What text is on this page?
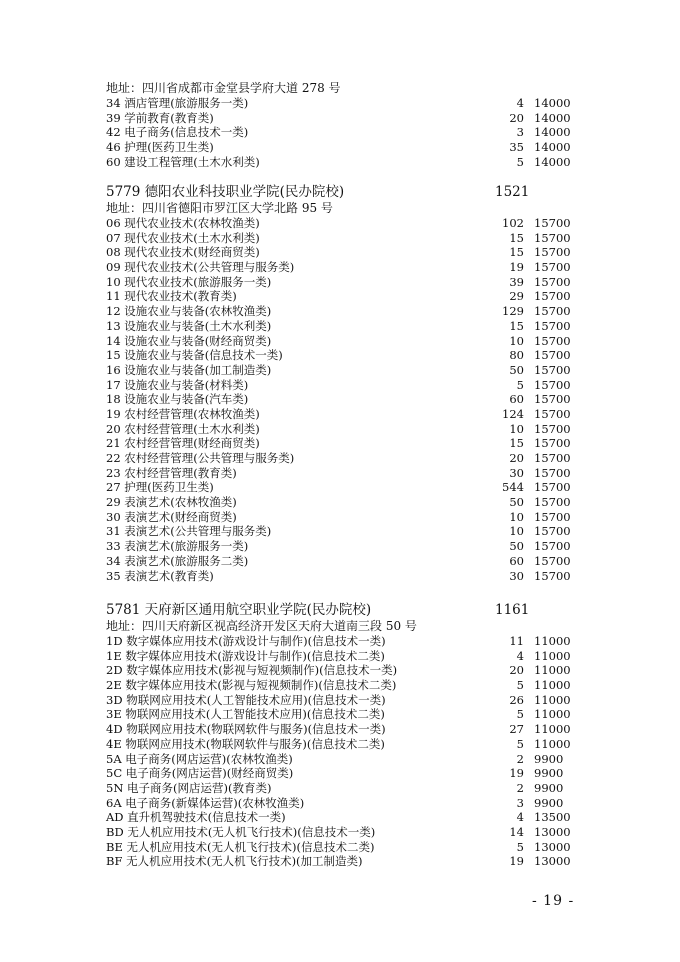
地址：四川省成都市金堂县学府大道 278 号
34 酒店管理(旅游服务一类)	4 14000
39 学前教育(教育类)	20 14000
42 电子商务(信息技术一类)	3 14000
46 护理(医药卫生类)	35 14000
60 建设工程管理(土木水利类)	5 14000
5779 德阳农业科技职业学院(民办院校)	1521
地址：四川省德阳市罗江区大学北路 95 号
06 现代农业技术(农林牧渔类)	102 15700
07 现代农业技术(土木水利类)	15 15700
08 现代农业技术(财经商贸类)	15 15700
09 现代农业技术(公共管理与服务类)	19 15700
10 现代农业技术(旅游服务一类)	39 15700
11 现代农业技术(教育类)	29 15700
12 设施农业与装备(农林牧渔类)	129 15700
13 设施农业与装备(土木水利类)	15 15700
14 设施农业与装备(财经商贸类)	10 15700
15 设施农业与装备(信息技术一类)	80 15700
16 设施农业与装备(加工制造类)	50 15700
17 设施农业与装备(材料类)	5 15700
18 设施农业与装备(汽车类)	60 15700
19 农村经营管理(农林牧渔类)	124 15700
20 农村经营管理(土木水利类)	10 15700
21 农村经营管理(财经商贸类)	15 15700
22 农村经营管理(公共管理与服务类)	20 15700
23 农村经营管理(教育类)	30 15700
27 护理(医药卫生类)	544 15700
29 表演艺术(农林牧渔类)	50 15700
30 表演艺术(财经商贸类)	10 15700
31 表演艺术(公共管理与服务类)	10 15700
33 表演艺术(旅游服务一类)	50 15700
34 表演艺术(旅游服务二类)	60 15700
35 表演艺术(教育类)	30 15700
5781 天府新区通用航空职业学院(民办院校)	1161
地址：四川天府新区视高经济开发区天府大道南三段 50 号
1D 数字媒体应用技术(游戏设计与制作)(信息技术一类)	11 11000
1E 数字媒体应用技术(游戏设计与制作)(信息技术二类)	4 11000
2D 数字媒体应用技术(影视与短视频制作)(信息技术一类)	20 11000
2E 数字媒体应用技术(影视与短视频制作)(信息技术二类)	5 11000
3D 物联网应用技术(人工智能技术应用)(信息技术一类)	26 11000
3E 物联网应用技术(人工智能技术应用)(信息技术二类)	5 11000
4D 物联网应用技术(物联网软件与服务)(信息技术一类)	27 11000
4E 物联网应用技术(物联网软件与服务)(信息技术二类)	5 11000
5A 电子商务(网店运营)(农林牧渔类)	2 9900
5C 电子商务(网店运营)(财经商贸类)	19 9900
5N 电子商务(网店运营)(教育类)	2 9900
6A 电子商务(新媒体运营)(农林牧渔类)	3 9900
AD 直升机驾驶技术(信息技术一类)	4 13500
BD 无人机应用技术(无人机飞行技术)(信息技术一类)	14 13000
BE 无人机应用技术(无人机飞行技术)(信息技术二类)	5 13000
BF 无人机应用技术(无人机飞行技术)(加工制造类)	19 13000
- 19 -
